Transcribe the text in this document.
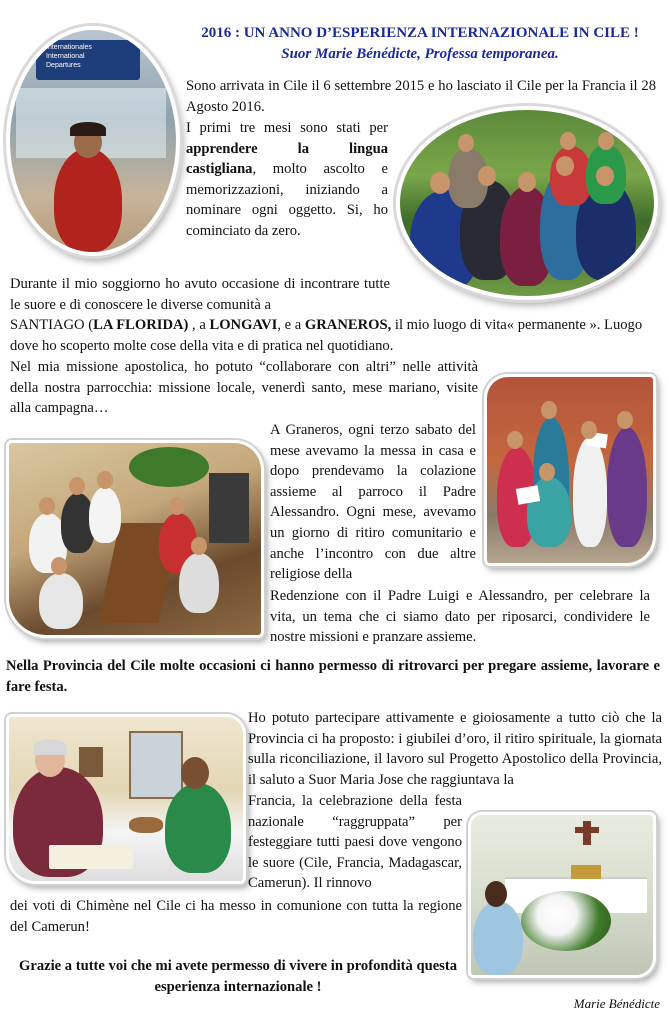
2016 : UN ANNO D’ESPERIENZA INTERNAZIONALE IN CILE !
Suor Marie Bénédicte, Professa temporanea.
Internationales
International
Departures
Sono arrivata in Cile il 6 settembre 2015 e ho lasciato il Cile per la Francia il 28 Agosto 2016.
I primi tre mesi sono stati per apprendere la lingua castigliana, molto ascolto e memorizzazioni, iniziando a nominare ogni oggetto. Si, ho cominciato da zero.
Durante il mio soggiorno ho avuto occasione di incontrare tutte le suore e di conoscere le diverse comunità a
SANTIAGO (LA FLORIDA) , a LONGAVI, e a GRANEROS, il mio luogo di vita« permanente ». Luogo dove ho scoperto molte cose della vita e di pratica nel quotidiano.
Nel mia missione apostolica, ho potuto “collaborare con altri” nelle attività della nostra parrocchia: missione locale, venerdì santo, mese mariano, visite alla campagna…
A Graneros, ogni terzo sabato del mese avevamo la messa in casa e dopo prendevamo la colazione assieme al parroco il Padre Alessandro. Ogni mese, avevamo un giorno di ritiro comunitario e anche l’incontro con due altre religiose della
Redenzione con il Padre Luigi e Alessandro, per celebrare la vita, un tema che ci siamo dato per riposarci, condividere le nostre missioni e pranzare assieme.
Nella Provincia del Cile molte occasioni ci hanno permesso di ritrovarci per pregare assieme, lavorare e fare festa.
Ho potuto partecipare attivamente e gioiosamente a tutto ciò che la Provincia ci ha proposto: i giubilei d’oro, il ritiro spirituale, la giornata sulla riconciliazione, il lavoro sul Progetto Apostolico della Provincia, il saluto a Suor Maria Jose che raggiuntava la
Francia, la celebrazione della festa nazionale “raggruppata” per festeggiare tutti paesi dove vengono le suore (Cile, Francia, Madagascar, Camerun). Il rinnovo
dei voti di Chimène nel Cile ci ha messo in comunione con tutta la regione del Camerun!
Grazie a tutte voi che mi avete permesso di vivere in profondità questa esperienza internazionale !
Marie Bénédicte
